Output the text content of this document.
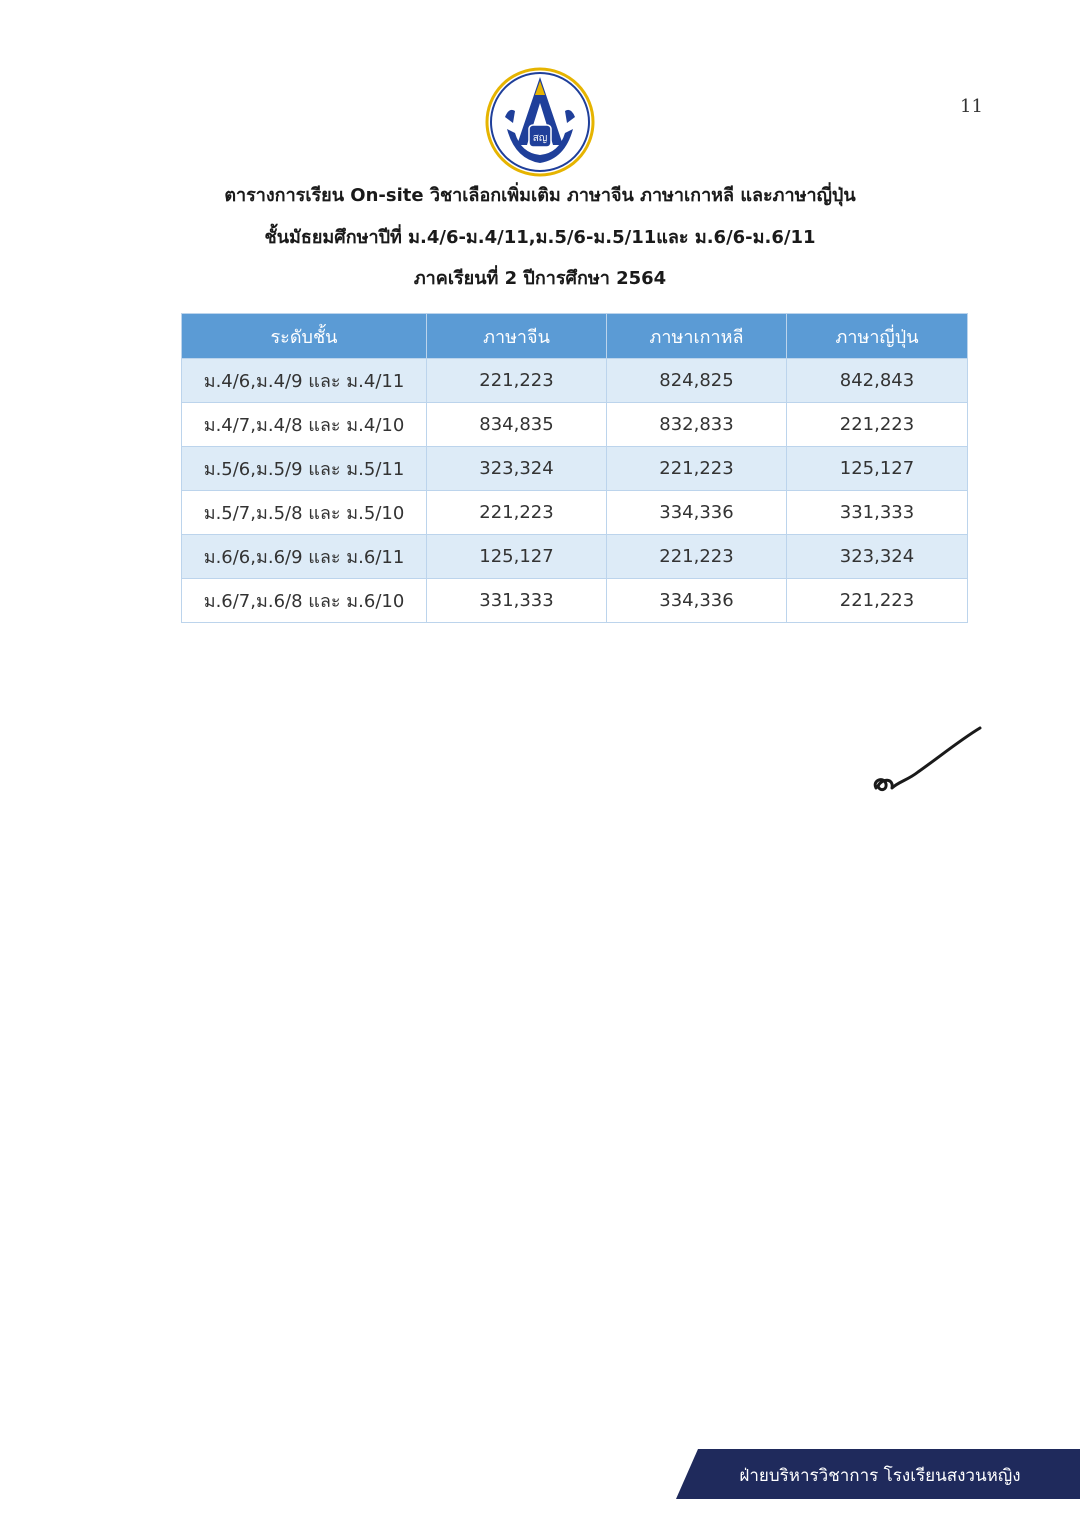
11
สญ
ตารางการเรียน On-site วิชาเลือกเพิ่มเติม ภาษาจีน ภาษาเกาหลี และภาษาญี่ปุ่น
ชั้นมัธยมศึกษาปีที่ ม.4/6-ม.4/11,ม.5/6-ม.5/11และ ม.6/6-ม.6/11
ภาคเรียนที่ 2 ปีการศึกษา 2564
ระดับชั้น	ภาษาจีน	ภาษาเกาหลี	ภาษาญี่ปุ่น
ม.4/6,ม.4/9 และ ม.4/11	221,223	824,825	842,843
ม.4/7,ม.4/8 และ ม.4/10	834,835	832,833	221,223
ม.5/6,ม.5/9 และ ม.5/11	323,324	221,223	125,127
ม.5/7,ม.5/8 และ ม.5/10	221,223	334,336	331,333
ม.6/6,ม.6/9 และ ม.6/11	125,127	221,223	323,324
ม.6/7,ม.6/8 และ ม.6/10	331,333	334,336	221,223
ฝ่ายบริหารวิชาการ โรงเรียนสงวนหญิง
